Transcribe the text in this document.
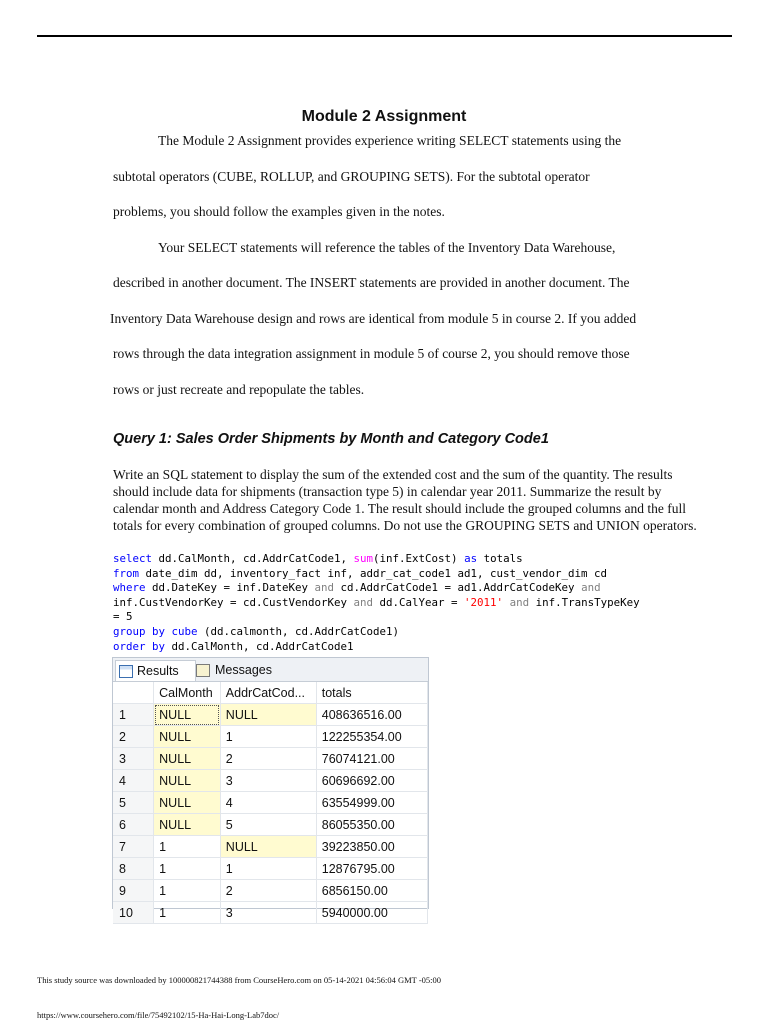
Module 2 Assignment
The Module 2 Assignment provides experience writing SELECT statements using the
subtotal operators (CUBE, ROLLUP, and GROUPING SETS). For the subtotal operator
problems, you should follow the examples given in the notes.
Your SELECT statements will reference the tables of the Inventory Data Warehouse,
described in another document. The INSERT statements are provided in another document. The
Inventory Data Warehouse design and rows are identical from module 5 in course 2. If you added
rows through the data integration assignment in module 5 of course 2, you should remove those
rows or just recreate and repopulate the tables.
Query 1: Sales Order Shipments by Month and Category Code1
Write an SQL statement to display the sum of the extended cost and the sum of the quantity. The results should include data for shipments (transaction type 5) in calendar year 2011. Summarize the result by calendar month and Address Category Code 1. The result should include the grouped columns and the full totals for every combination of grouped columns. Do not use the GROUPING SETS and UNION operators.
select dd.CalMonth, cd.AddrCatCode1, sum(inf.ExtCost) as totals
from date_dim dd, inventory_fact inf, addr_cat_code1 ad1, cust_vendor_dim cd
where dd.DateKey = inf.DateKey and cd.AddrCatCode1 = ad1.AddrCatCodeKey and
inf.CustVendorKey = cd.CustVendorKey and dd.CalYear = '2011' and inf.TransTypeKey
= 5
group by cube (dd.calmonth, cd.AddrCatCode1)
order by dd.CalMonth, cd.AddrCatCode1
Results	Messages
	CalMonth	AddrCatCod...	totals
1	NULL	NULL	408636516.00
2	NULL	1	122255354.00
3	NULL	2	76074121.00
4	NULL	3	60696692.00
5	NULL	4	63554999.00
6	NULL	5	86055350.00
7	1	NULL	39223850.00
8	1	1	12876795.00
9	1	2	6856150.00
10	1	3	5940000.00
This study source was downloaded by 100000821744388 from CourseHero.com on 05-14-2021 04:56:04 GMT -05:00
https://www.coursehero.com/file/75492102/15-Ha-Hai-Long-Lab7doc/
